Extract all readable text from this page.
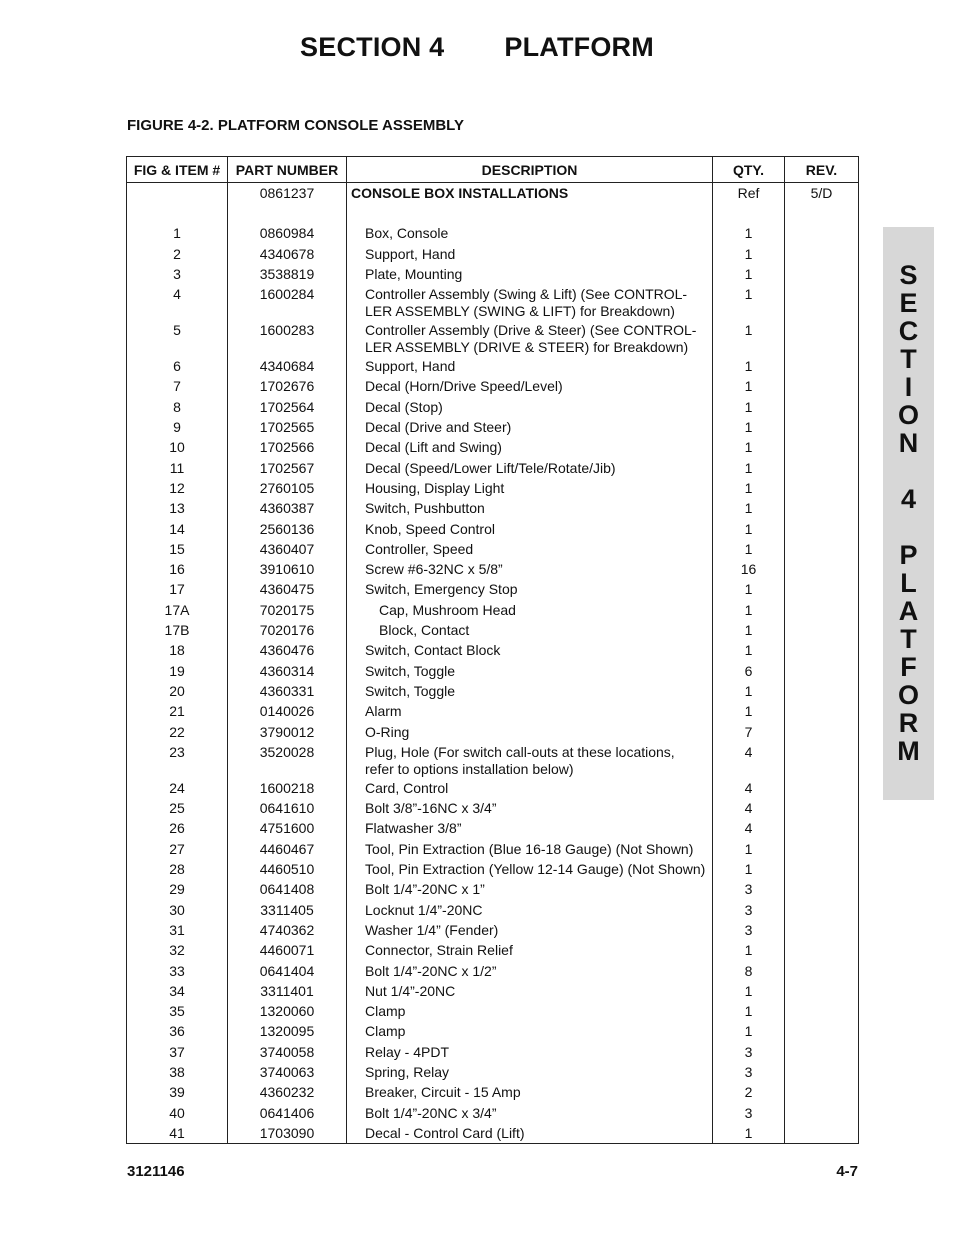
SECTION 4 PLATFORM
FIGURE 4-2. PLATFORM CONSOLE ASSEMBLY
FIG & ITEM #	PART NUMBER	DESCRIPTION	QTY.	REV.
	0861237	CONSOLE BOX INSTALLATIONS	Ref	5/D

1	0860984	Box, Console	1	
2	4340678	Support, Hand	1	
3	3538819	Plate, Mounting	1	
4	1600284	Controller Assembly (Swing & Lift) (See CONTROL-LER ASSEMBLY (SWING & LIFT) for Breakdown)	1	
5	1600283	Controller Assembly (Drive & Steer) (See CONTROL-LER ASSEMBLY (DRIVE & STEER) for Breakdown)	1	
6	4340684	Support, Hand	1	
7	1702676	Decal (Horn/Drive Speed/Level)	1	
8	1702564	Decal (Stop)	1	
9	1702565	Decal (Drive and Steer)	1	
10	1702566	Decal (Lift and Swing)	1	
11	1702567	Decal (Speed/Lower Lift/Tele/Rotate/Jib)	1	
12	2760105	Housing, Display Light	1	
13	4360387	Switch, Pushbutton	1	
14	2560136	Knob, Speed Control	1	
15	4360407	Controller, Speed	1	
16	3910610	Screw #6-32NC x 5/8”	16	
17	4360475	Switch, Emergency Stop	1	
17A	7020175	Cap, Mushroom Head	1	
17B	7020176	Block, Contact	1	
18	4360476	Switch, Contact Block	1	
19	4360314	Switch, Toggle	6	
20	4360331	Switch, Toggle	1	
21	0140026	Alarm	1	
22	3790012	O-Ring	7	
23	3520028	Plug, Hole (For switch call-outs at these locations, refer to options installation below)	4	
24	1600218	Card, Control	4	
25	0641610	Bolt 3/8”-16NC x 3/4”	4	
26	4751600	Flatwasher 3/8”	4	
27	4460467	Tool, Pin Extraction (Blue 16-18 Gauge) (Not Shown)	1	
28	4460510	Tool, Pin Extraction (Yellow 12-14 Gauge) (Not Shown)	1	
29	0641408	Bolt 1/4”-20NC x 1”	3	
30	3311405	Locknut 1/4”-20NC	3	
31	4740362	Washer 1/4” (Fender)	3	
32	4460071	Connector, Strain Relief	1	
33	0641404	Bolt 1/4”-20NC x 1/2”	8	
34	3311401	Nut 1/4”-20NC	1	
35	1320060	Clamp	1	
36	1320095	Clamp	1	
37	3740058	Relay - 4PDT	3	
38	3740063	Spring, Relay	3	
39	4360232	Breaker, Circuit - 15 Amp	2	
40	0641406	Bolt 1/4”-20NC x 3/4”	3	
41	1703090	Decal - Control Card (Lift)	1	
S
E
C
T
I
O
N

4

P
L
A
T
F
O
R
M
3121146	4-7
